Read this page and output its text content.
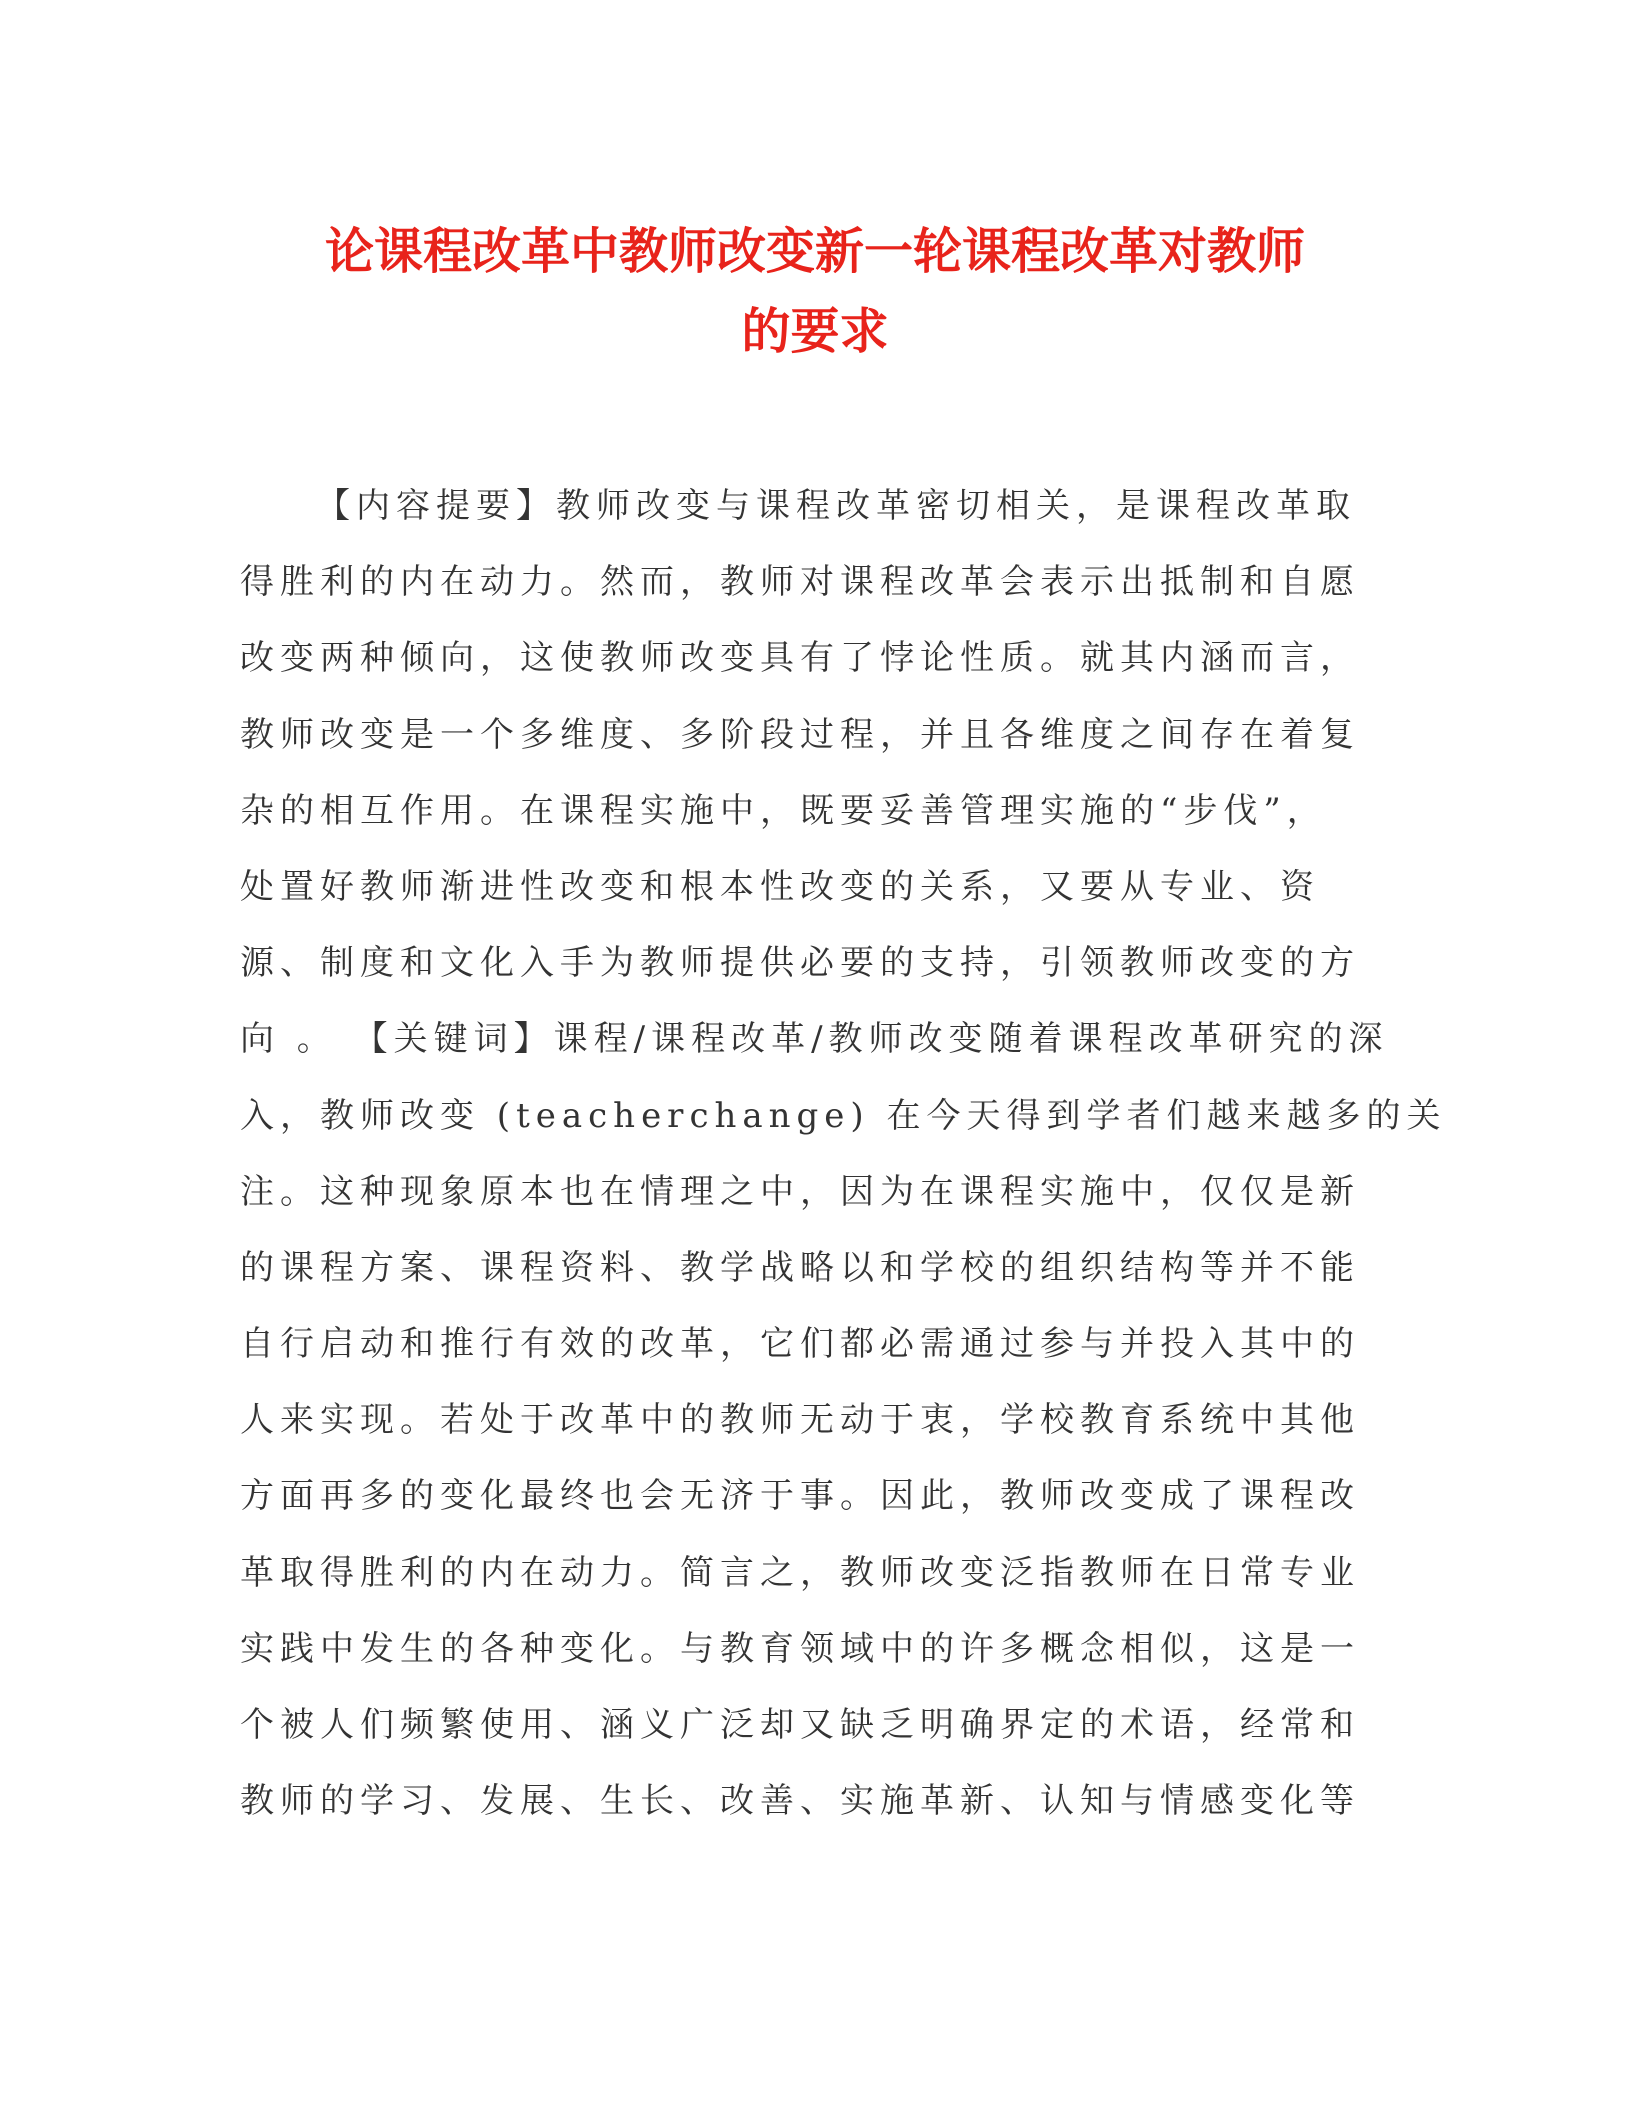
论课程改革中教师改变新一轮课程改革对教师
的要求
【内容提要】教师改变与课程改革密切相关，是课程改革取
得胜利的内在动力。然而，教师对课程改革会表示出抵制和自愿
改变两种倾向，这使教师改变具有了悖论性质。就其内涵而言，
教师改变是一个多维度、多阶段过程，并且各维度之间存在着复
杂的相互作用。在课程实施中，既要妥善管理实施的“步伐”，
处置好教师渐进性改变和根本性改变的关系，又要从专业、资
源、制度和文化入手为教师提供必要的支持，引领教师改变的方
向 。 【关键词】课程/课程改革/教师改变随着课程改革研究的深
入，教师改变 (teacherchange) 在今天得到学者们越来越多的关
注。这种现象原本也在情理之中，因为在课程实施中，仅仅是新
的课程方案、课程资料、教学战略以和学校的组织结构等并不能
自行启动和推行有效的改革，它们都必需通过参与并投入其中的
人来实现。若处于改革中的教师无动于衷，学校教育系统中其他
方面再多的变化最终也会无济于事。因此，教师改变成了课程改
革取得胜利的内在动力。简言之，教师改变泛指教师在日常专业
实践中发生的各种变化。与教育领域中的许多概念相似，这是一
个被人们频繁使用、涵义广泛却又缺乏明确界定的术语，经常和
教师的学习、发展、生长、改善、实施革新、认知与情感变化等
